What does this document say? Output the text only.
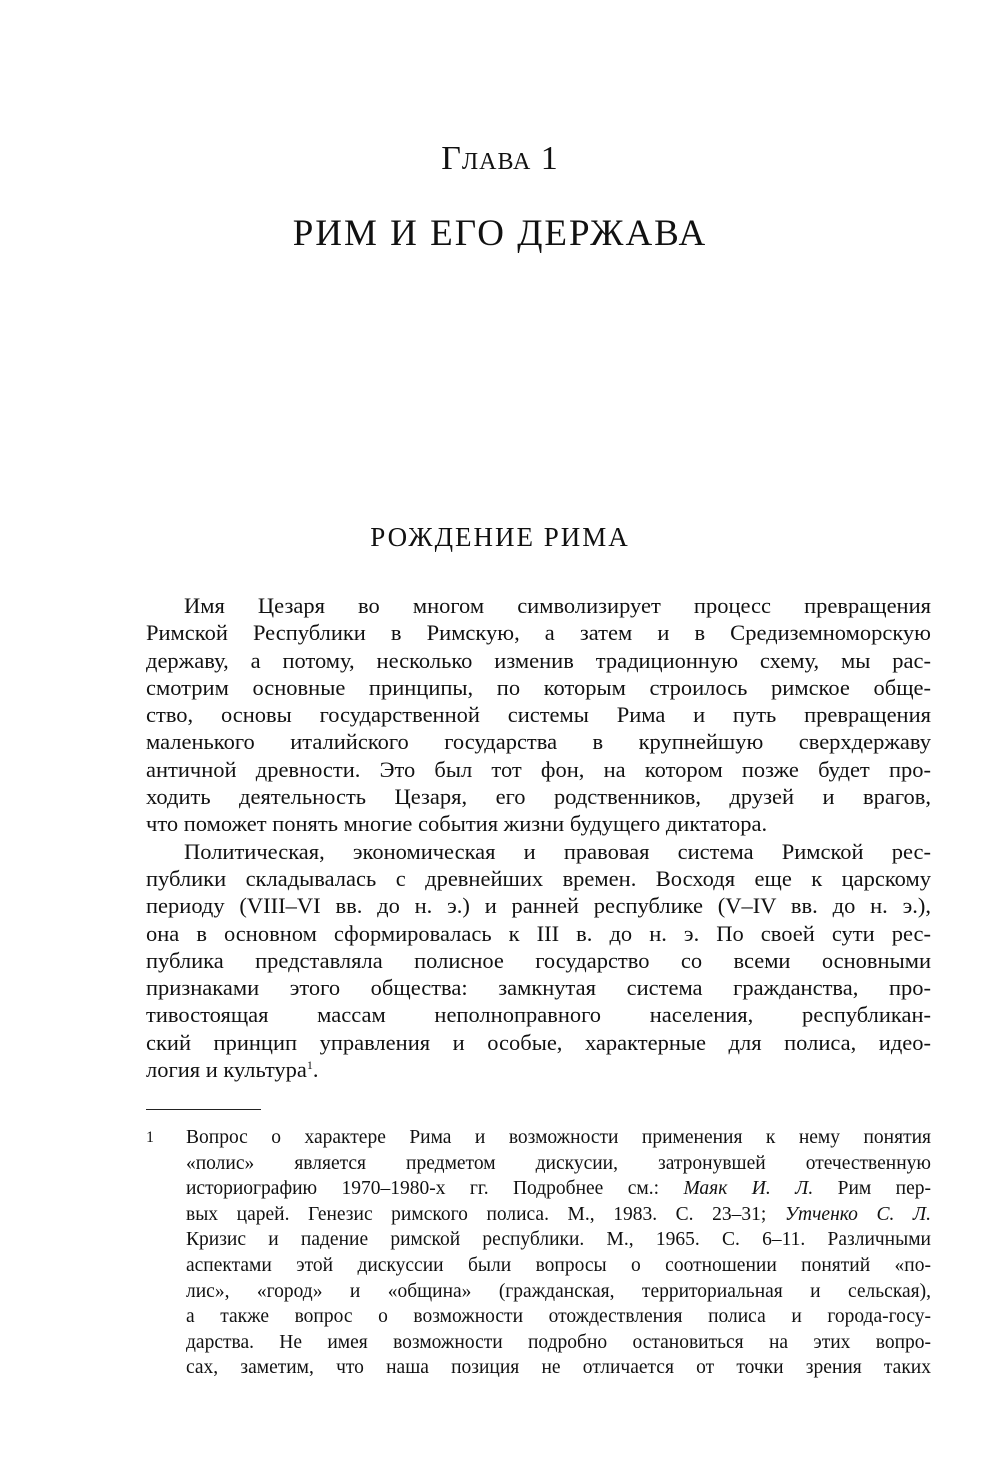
Глава 1
РИМ И ЕГО ДЕРЖАВА
РОЖДЕНИЕ РИМА
Имя Цезаря во многом символизирует процесс превращения
Римской Республики в Римскую, а затем и в Средиземноморскую
державу, а потому, несколько изменив традиционную схему, мы рас-
смотрим основные принципы, по которым строилось римское обще-
ство, основы государственной системы Рима и путь превращения
маленького италийского государства в крупнейшую сверхдержаву
античной древности. Это был тот фон, на котором позже будет про-
ходить деятельность Цезаря, его родственников, друзей и врагов,
что поможет понять многие события жизни будущего диктатора.
Политическая, экономическая и правовая система Римской рес-
публики складывалась с древнейших времен. Восходя еще к царскому
периоду (VIII–VI вв. до н. э.) и ранней республике (V–IV вв. до н. э.),
она в основном сформировалась к III в. до н. э. По своей сути рес-
публика представляла полисное государство со всеми основными
признаками этого общества: замкнутая система гражданства, про-
тивостоящая массам неполноправного населения, республикан-
ский принцип управления и особые, характерные для полиса, идео-
логия и культура$^1$.
1 Вопрос о характере Рима и возможности применения к нему понятия
«полис» является предметом дискусии, затронувшей отечественную
историографию 1970–1980-х гг. Подробнее см.: Маяк И. Л. Рим пер-
вых царей. Генезис римского полиса. М., 1983. С. 23–31; Утченко С. Л.
Кризис и падение римской республики. М., 1965. С. 6–11. Различными
аспектами этой дискуссии были вопросы о соотношении понятий «по-
лис», «город» и «община» (гражданская, территориальная и сельская),
а также вопрос о возможности отождествления полиса и города-госу-
дарства. Не имея возможности подробно остановиться на этих вопро-
сах, заметим, что наша позиция не отличается от точки зрения таких
